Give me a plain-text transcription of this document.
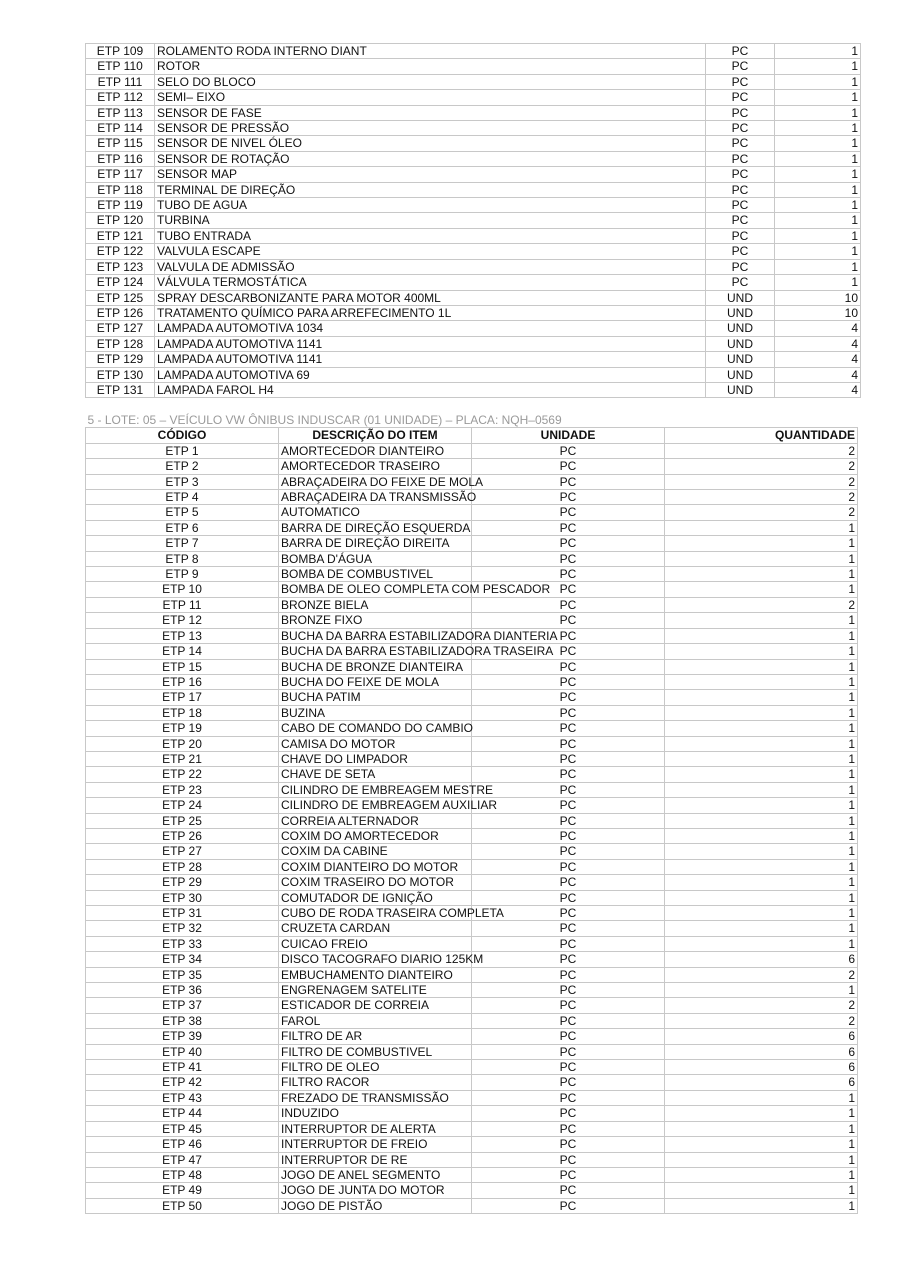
ETP 109	ROLAMENTO RODA INTERNO DIANT	PC	1
ETP 110	ROTOR	PC	1
ETP 111	SELO DO BLOCO	PC	1
ETP 112	SEMI– EIXO	PC	1
ETP 113	SENSOR DE FASE	PC	1
ETP 114	SENSOR DE PRESSÃO	PC	1
ETP 115	SENSOR DE NIVEL ÓLEO	PC	1
ETP 116	SENSOR DE ROTAÇÃO	PC	1
ETP 117	SENSOR MAP	PC	1
ETP 118	TERMINAL DE DIREÇÃO	PC	1
ETP 119	TUBO DE AGUA	PC	1
ETP 120	TURBINA	PC	1
ETP 121	TUBO ENTRADA	PC	1
ETP 122	VALVULA ESCAPE	PC	1
ETP 123	VALVULA DE ADMISSÃO	PC	1
ETP 124	VÁLVULA TERMOSTÁTICA	PC	1
ETP 125	SPRAY DESCARBONIZANTE PARA MOTOR 400ML	UND	10
ETP 126	TRATAMENTO QUÍMICO PARA ARREFECIMENTO 1L	UND	10
ETP 127	LAMPADA AUTOMOTIVA 1034	UND	4
ETP 128	LAMPADA AUTOMOTIVA 1141	UND	4
ETP 129	LAMPADA AUTOMOTIVA 1141	UND	4
ETP 130	LAMPADA AUTOMOTIVA 69	UND	4
ETP 131	LAMPADA FAROL H4	UND	4
5 - LOTE: 05 – VEÍCULO VW ÔNIBUS INDUSCAR (01 UNIDADE) – PLACA: NQH–0569			
CÓDIGO	DESCRIÇÃO DO ITEM	UNIDADE	QUANTIDADE
ETP 1	AMORTECEDOR DIANTEIRO	PC	2
ETP 2	AMORTECEDOR TRASEIRO	PC	2
ETP 3	ABRAÇADEIRA DO FEIXE DE MOLA	PC	2
ETP 4	ABRAÇADEIRA DA TRANSMISSÃO	PC	2
ETP 5	AUTOMATICO	PC	2
ETP 6	BARRA DE DIREÇÃO ESQUERDA	PC	1
ETP 7	BARRA DE DIREÇÃO DIREITA	PC	1
ETP 8	BOMBA D'ÁGUA	PC	1
ETP 9	BOMBA DE COMBUSTIVEL	PC	1
ETP 10	BOMBA DE OLEO COMPLETA COM PESCADOR	PC	1
ETP 11	BRONZE BIELA	PC	2
ETP 12	BRONZE FIXO	PC	1
ETP 13	BUCHA DA BARRA ESTABILIZADORA DIANTERIA	PC	1
ETP 14	BUCHA DA BARRA ESTABILIZADORA TRASEIRA	PC	1
ETP 15	BUCHA DE BRONZE DIANTEIRA	PC	1
ETP 16	BUCHA DO FEIXE DE MOLA	PC	1
ETP 17	BUCHA PATIM	PC	1
ETP 18	BUZINA	PC	1
ETP 19	CABO DE COMANDO DO CAMBIO	PC	1
ETP 20	CAMISA DO MOTOR	PC	1
ETP 21	CHAVE DO LIMPADOR	PC	1
ETP 22	CHAVE DE SETA	PC	1
ETP 23	CILINDRO DE EMBREAGEM MESTRE	PC	1
ETP 24	CILINDRO DE EMBREAGEM AUXILIAR	PC	1
ETP 25	CORREIA ALTERNADOR	PC	1
ETP 26	COXIM DO AMORTECEDOR	PC	1
ETP 27	COXIM DA CABINE	PC	1
ETP 28	COXIM DIANTEIRO DO MOTOR	PC	1
ETP 29	COXIM TRASEIRO DO MOTOR	PC	1
ETP 30	COMUTADOR DE IGNIÇÃO	PC	1
ETP 31	CUBO DE RODA TRASEIRA COMPLETA	PC	1
ETP 32	CRUZETA CARDAN	PC	1
ETP 33	CUICAO FREIO	PC	1
ETP 34	DISCO TACOGRAFO DIARIO 125KM	PC	6
ETP 35	EMBUCHAMENTO DIANTEIRO	PC	2
ETP 36	ENGRENAGEM SATELITE	PC	1
ETP 37	ESTICADOR DE CORREIA	PC	2
ETP 38	FAROL	PC	2
ETP 39	FILTRO DE AR	PC	6
ETP 40	FILTRO DE COMBUSTIVEL	PC	6
ETP 41	FILTRO DE OLEO	PC	6
ETP 42	FILTRO RACOR	PC	6
ETP 43	FREZADO DE TRANSMISSÃO	PC	1
ETP 44	INDUZIDO	PC	1
ETP 45	INTERRUPTOR DE ALERTA	PC	1
ETP 46	INTERRUPTOR DE FREIO	PC	1
ETP 47	INTERRUPTOR DE RE	PC	1
ETP 48	JOGO DE ANEL SEGMENTO	PC	1
ETP 49	JOGO DE JUNTA DO MOTOR	PC	1
ETP 50	JOGO DE PISTÃO	PC	1
